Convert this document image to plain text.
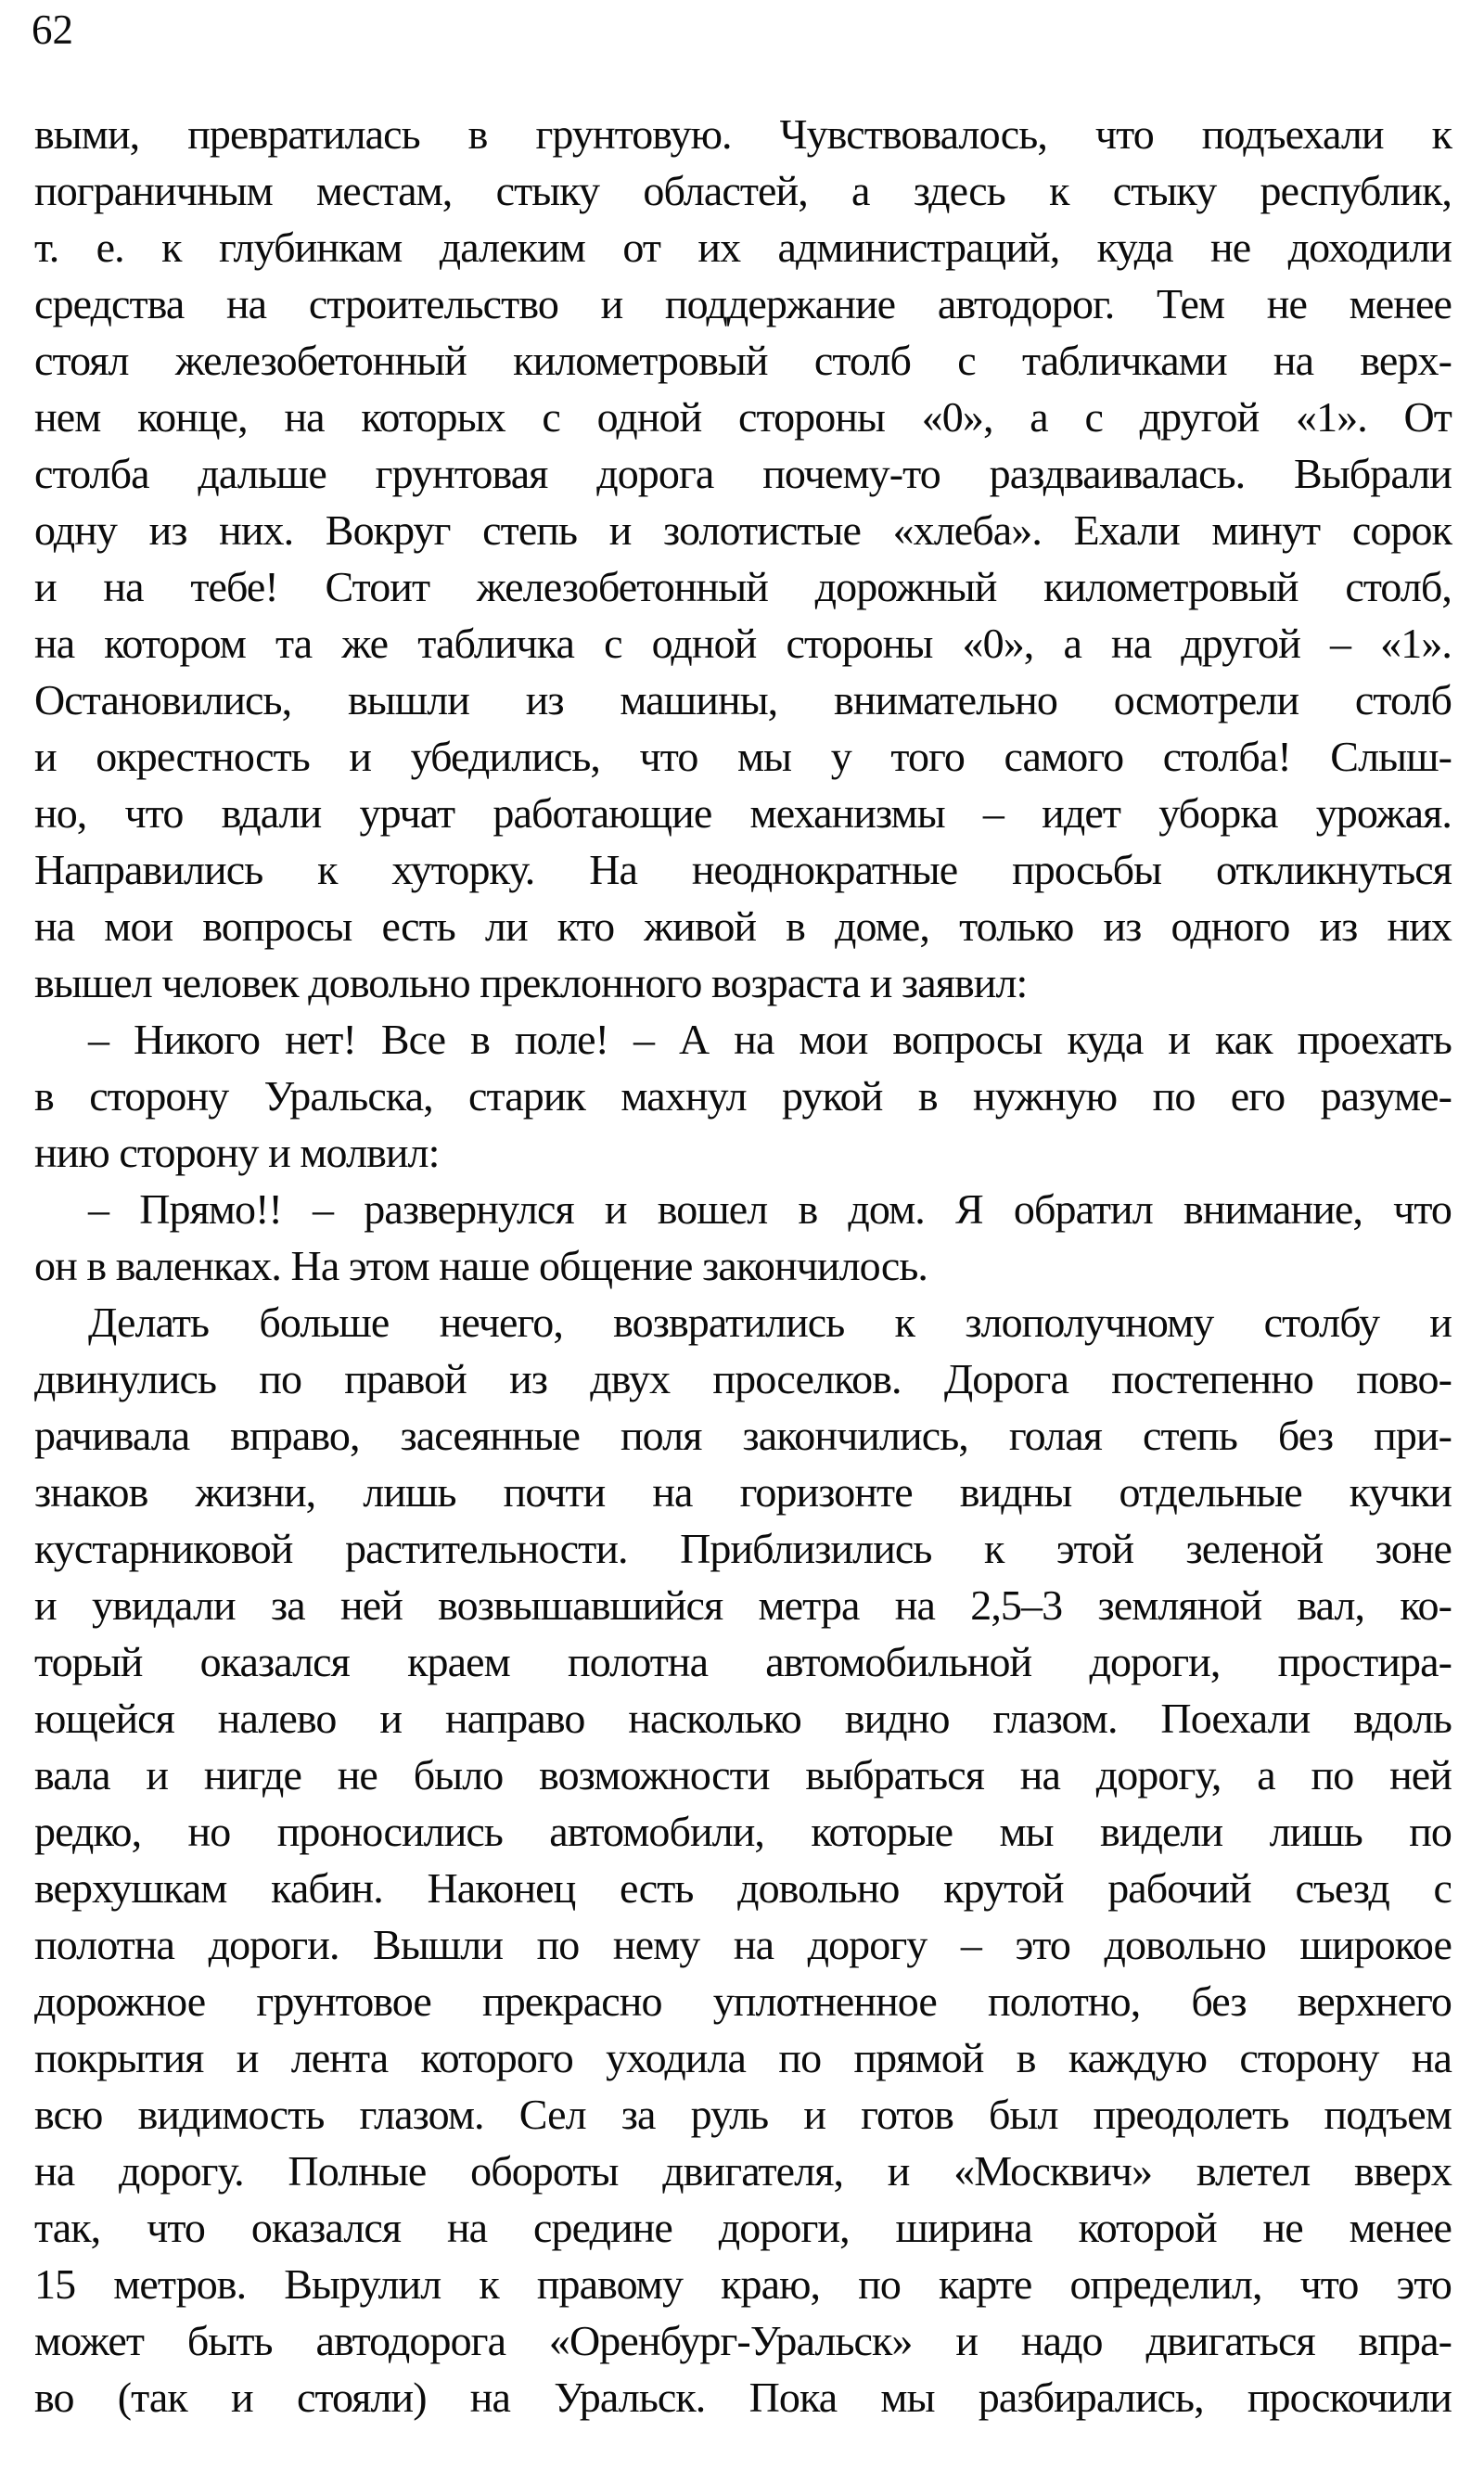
62
выми, превратилась в грунтовую. Чувствовалось, что подъехали к
пограничным местам, стыку областей, а здесь к стыку республик,
т. е. к глубинкам далеким от их администраций, куда не доходили
средства на строительство и поддержание автодорог. Тем не менее
стоял железобетонный километровый столб с табличками на верх-
нем конце, на которых с одной стороны «0», а с другой «1». От
столба дальше грунтовая дорога почему-то раздваивалась. Выбрали
одну из них. Вокруг степь и золотистые «хлеба». Ехали минут сорок
и на тебе! Стоит железобетонный дорожный километровый столб,
на котором та же табличка с одной стороны «0», а на другой – «1».
Остановились, вышли из машины, внимательно осмотрели столб
и окрестность и убедились, что мы у того самого столба! Слыш-
но, что вдали урчат работающие механизмы – идет уборка урожая.
Направились к хуторку. На неоднократные просьбы откликнуться
на мои вопросы есть ли кто живой в доме, только из одного из них
вышел человек довольно преклонного возраста и заявил:
– Никого нет! Все в поле! – А на мои вопросы куда и как проехать
в сторону Уральска, старик махнул рукой в нужную по его разуме-
нию сторону и молвил:
– Прямо!! – развернулся и вошел в дом. Я обратил внимание, что
он в валенках. На этом наше общение закончилось.
Делать больше нечего, возвратились к злополучному столбу и
двинулись по правой из двух проселков. Дорога постепенно пово-
рачивала вправо, засеянные поля закончились, голая степь без при-
знаков жизни, лишь почти на горизонте видны отдельные кучки
кустарниковой растительности. Приблизились к этой зеленой зоне
и увидали за ней возвышавшийся метра на 2,5–3 земляной вал, ко-
торый оказался краем полотна автомобильной дороги, простира-
ющейся налево и направо насколько видно глазом. Поехали вдоль
вала и нигде не было возможности выбраться на дорогу, а по ней
редко, но проносились автомобили, которые мы видели лишь по
верхушкам кабин. Наконец есть довольно крутой рабочий съезд с
полотна дороги. Вышли по нему на дорогу – это довольно широкое
дорожное грунтовое прекрасно уплотненное полотно, без верхнего
покрытия и лента которого уходила по прямой в каждую сторону на
всю видимость глазом. Сел за руль и готов был преодолеть подъем
на дорогу. Полные обороты двигателя, и «Москвич» влетел вверх
так, что оказался на средине дороги, ширина которой не менее
15 метров. Вырулил к правому краю, по карте определил, что это
может быть автодорога «Оренбург-Уральск» и надо двигаться впра-
во (так и стояли) на Уральск. Пока мы разбирались, проскочили
